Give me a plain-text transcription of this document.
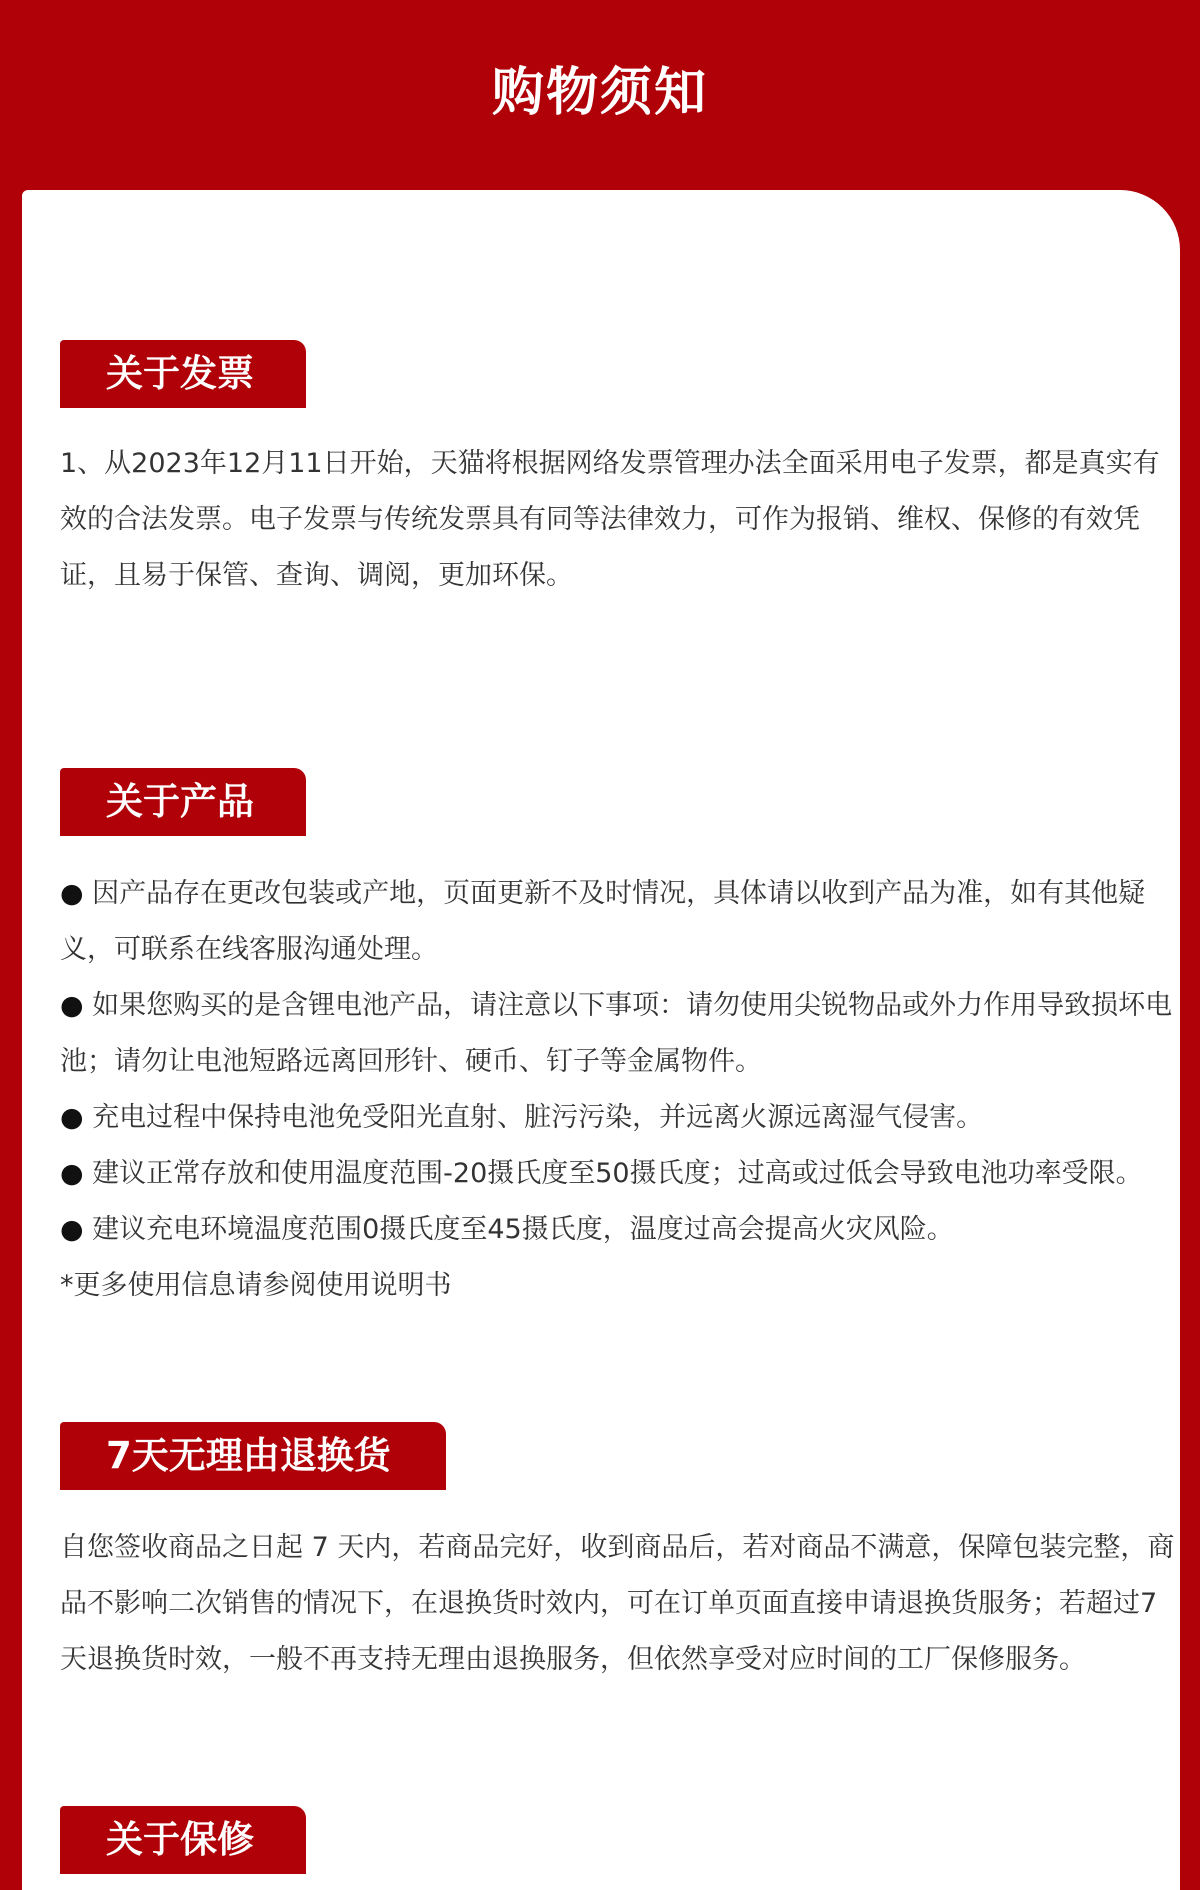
购物须知
关于发票

1、从2023年12月11日开始，天猫将根据网络发票管理办法全面采用电子发票，都是真实有效的合法发票。电子发票与传统发票具有同等法律效力，可作为报销、维权、保修的有效凭证，且易于保管、查询、调阅，更加环保。

关于产品

● 因产品存在更改包装或产地，页面更新不及时情况，具体请以收到产品为准，如有其他疑义，可联系在线客服沟通处理。

● 如果您购买的是含锂电池产品，请注意以下事项：请勿使用尖锐物品或外力作用导致损坏电池；请勿让电池短路远离回形针、硬币、钉子等金属物件。

● 充电过程中保持电池免受阳光直射、脏污污染，并远离火源远离湿气侵害。

● 建议正常存放和使用温度范围-20摄氏度至50摄氏度；过高或过低会导致电池功率受限。

● 建议充电环境温度范围0摄氏度至45摄氏度，温度过高会提高火灾风险。

*更多使用信息请参阅使用说明书

7天无理由退换货

自您签收商品之日起 7 天内，若商品完好，收到商品后，若对商品不满意，保障包装完整，商品不影响二次销售的情况下，在退换货时效内，可在订单页面直接申请退换货服务；若超过7天退换货时效，一般不再支持无理由退换服务，但依然享受对应时间的工厂保修服务。

关于保修
